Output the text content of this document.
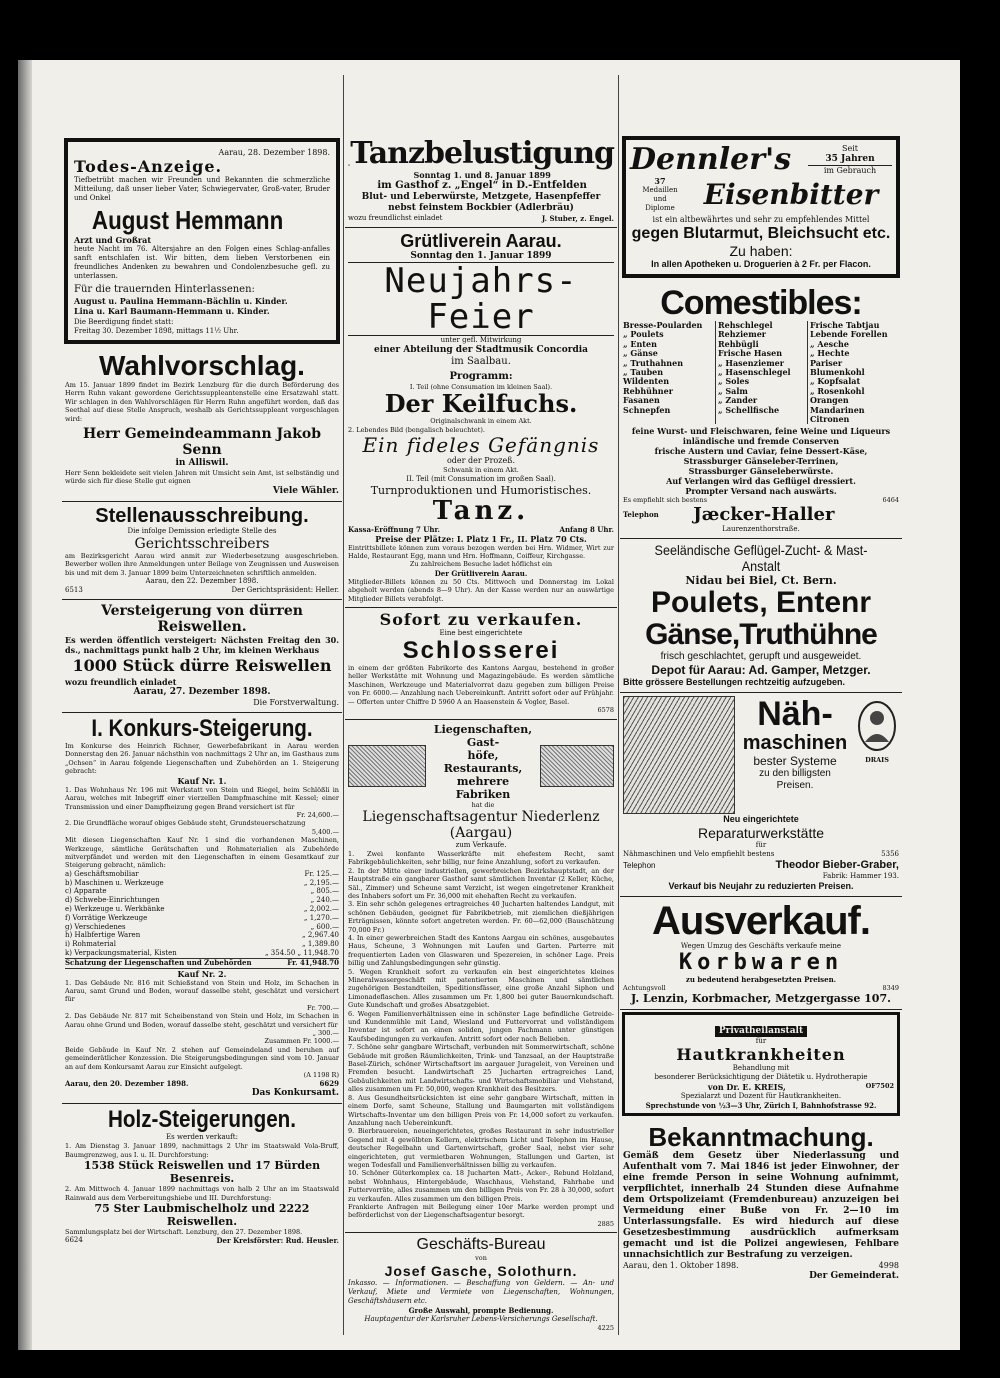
Aarau, 28. Dezember 1898.
Todes-Anzeige.
Tiefbetrübt machen wir Freunden und Bekannten die schmerzliche Mitteilung, daß unser lieber Vater, Schwiegervater, Groß-vater, Bruder und Onkel
August Hemmann
Arzt und Großrat
heute Nacht im 76. Altersjahre an den Folgen eines Schlag-anfalles sanft entschlafen ist. Wir bitten, dem lieben Verstorbenen ein freundliches Andenken zu bewahren und Condolenzbesuche gefl. zu unterlassen.
Für die trauernden Hinterlassenen:
August u. Paulina Hemmann-Bächlin u. Kinder.
Lina u. Karl Baumann-Hemmann u. Kinder.
Die Beerdigung findet statt:
Freitag 30. Dezember 1898, mittags 11½ Uhr.
Wahlvorschlag.
Am 15. Januar 1899 findet im Bezirk Lenzburg für die durch Beförderung des Herrn Ruhn vakant gewordene Gerichtssuppleantenstelle eine Ersatzwahl statt. Wir schlagen in den Wahlvorschlägen für Herrn Ruhn angeführt worden, daß das Seethal auf diese Stelle Anspruch, weshalb als Gerichtssuppleant vorgeschlagen wird:
Herr Gemeindeammann Jakob Senn
in Alliswil.
Herr Senn bekleidete seit vielen Jahren mit Umsicht sein Amt, ist selbständig und würde sich für diese Stelle gut eignen
Viele Wähler.
Stellenausschreibung.
Die infolge Demission erledigte Stelle des
Gerichtsschreibers
am Bezirksgericht Aarau wird anmit zur Wiederbesetzung ausgeschrieben. Bewerber wollen ihre Anmeldungen unter Beilage von Zeugnissen und Ausweisen bis und mit dem 3. Januar 1899 beim Unterzeichneten schriftlich anmelden.
Aarau, den 22. Dezember 1898.
6513	Der Gerichtspräsident: Heller.
Versteigerung von dürren Reiswellen.
Es werden öffentlich versteigert: Nächsten Freitag den 30. ds., nachmittags punkt halb 2 Uhr, im kleinen Werkhaus
1000 Stück dürre Reiswellen
wozu freundlich einladet
Aarau, 27. Dezember 1898.
Die Forstverwaltung.
I. Konkurs-Steigerung.
Im Konkurse des Heinrich Richner, Gewerbefabrikant in Aarau werden Donnerstag den 26. Januar nächsthin von nachmittags 2 Uhr an, im Gasthaus zum „Ochsen“ in Aarau folgende Liegenschaften und Zubehörden an 1. Steigerung gebracht:
Kauf Nr. 1.
1. Das Wohnhaus Nr. 196 mit Werkstatt von Stein und Riegel, beim Schlößli in Aarau, welches mit Inbegriff einer vierzellen Dampfmaschine mit Kessel; einer Transmission und einer Dampfheizung gegen Brand versichert ist für
Fr. 24,600.—
2. Die Grundfläche worauf obiges Gebäude steht, Grundsteuerschatzung
5,400.—
Mit diesen Liegenschaften Kauf Nr. 1 sind die vorhandenen Maschinen, Werkzeuge, sämtliche Gerätschaften und Rohmaterialien als Zubehörde mitverpfändet und werden mit den Liegenschaften in einem Gesamtkauf zur Steigerung gebracht, nämlich:
a) Geschäftsmobiliar	Fr. 125.—
b) Maschinen u. Werkzeuge	„ 2,195.—
c) Apparate	„ 805.—
d) Schwebe-Einrichtungen	„ 240.—
e) Werkzeuge u. Werkbänke	„ 2,002.—
f) Vorrätige Werkzeuge	„ 1,270.—
g) Verschiedenes	„ 600.—
h) Halbfertige Waren	„ 2,967.40
i) Rohmaterial	„ 1,389.80
k) Verpackungsmaterial, Kisten	„ 354.50 „ 11,948.70
Schatzung der Liegenschaften und Zubehörden	Fr. 41,948.70
Kauf Nr. 2.
1. Das Gebäude Nr. 816 mit Schießstand von Stein und Holz, im Schachen in Aarau, samt Grund und Boden, worauf dasselbe steht, geschätzt und versichert für
Fr. 700.—
2. Das Gebäude Nr. 817 mit Scheibenstand von Stein und Holz, im Schachen in Aarau ohne Grund und Boden, worauf dasselbe steht, geschätzt und versichert für
„ 300.—
Zusammen Fr. 1000.—
Beide Gebäude in Kauf Nr. 2 stehen auf Gemeindeland und beruhen auf gemeinderätlicher Konzession. Die Steigerungsbedingungen sind vom 10. Januar an auf dem Konkursamt Aarau zur Einsicht aufgelegt.
(A 1198 R)
Aarau, den 20. Dezember 1898.	6629
Das Konkursamt.
Holz-Steigerungen.
Es werden verkauft:
1. Am Dienstag 3. Januar 1899, nachmittags 2 Uhr im Staatswald Vola-Bruff, Baumgrenzweg, aus I. u. II. Durchforstung:
1538 Stück Reiswellen und 17 Bürden Besenreis.
2. Am Mittwoch 4. Januar 1899 nachmittags von halb 2 Uhr an im Staatswald Rainwald aus dem Verbereitungshiebe und III. Durchforstung:
75 Ster Laubmischelholz und 2222 Reiswellen.
Sammlungsplatz bei der Wirtschaft. Lenzburg, den 27. Dezember 1898.
6624	Der Kreisförster: Rud. Heusler.
Tanzbelustigung
Sonntag 1. und 8. Januar 1899
im Gasthof z. „Engel“ in D.-Entfelden
Blut- und Leberwürste, Metzgete, Hasenpfeffer
nebst feinstem Bockbier (Adlerbräu)
wozu freundlichst einladet	J. Stuber, z. Engel.
Grütliverein Aarau.
Sonntag den 1. Januar 1899
Neujahrs-Feier
unter gefl. Mitwirkung
einer Abteilung der Stadtmusik Concordia
im Saalbau.
Programm:
I. Teil (ohne Consumation im kleinen Saal).
Der Keilfuchs.
Originalschwank in einem Akt.
2. Lebendes Bild (bengalisch beleuchtet).
Ein fideles Gefängnis
oder der Prozeß.
Schwank in einem Akt.
II. Teil (mit Consumation im großen Saal).
Turnproduktionen und Humoristisches.
Tanz.
Kassa-Eröffnung 7 Uhr.	Anfang 8 Uhr.
Preise der Plätze: I. Platz 1 Fr., II. Platz 70 Cts.
Eintrittsbillete können zum voraus bezogen werden bei Hrn. Widmer, Wirt zur Halde, Restaurant Egg, mann und Hrn. Hoffmann, Coiffeur, Kirchgasse.
Zu zahlreichem Besuche ladet höflichst ein
Der Grütliverein Aarau.
Mitglieder-Billets können zu 50 Cts. Mittwoch und Donnerstag im Lokal abgeholt werden (abends 8—9 Uhr). An der Kasse werden nur an auswärtige Mitglieder Billets verabfolgt.
Sofort zu verkaufen.
Eine best eingerichtete
Schlosserei
in einem der größten Fabrikorte des Kantons Aargau, bestehend in großer heller Werkstätte mit Wohnung und Magazingebäude. Es werden sämtliche Maschinen, Werkzeuge und Materialvorrat dazu gegeben zum billigen Preise von Fr. 6000.— Anzahlung nach Uebereinkunft. Antritt sofort oder auf Frühjahr. — Offerten unter Chiffre D 5960 A an Haasenstein & Vogler, Basel.
6578
Liegenschaften, Gast-
höfe, Restaurants,
mehrere Fabriken
hat die
Liegenschaftsagentur Niederlenz (Aargau)
zum Verkaufe.
1. Zwei konfante Wasserkräfte mit ehefestem Recht, samt Fabrikgebäulichkeiten, sehr billig, nur feine Anzahlung, sofort zu verkaufen.
2. In der Mitte einer industriellen, gewerbreichen Bezirkshauptstadt, an der Hauptstraße ein gangbarer Gasthof samt sämtlichen Inventar (2 Keller, Küche, Säl., Zimmer) und Scheune samt Verzicht, ist wegen eingetretener Krankheit des Inhabers sofort um Fr. 36,000 mit ehehaften Recht zu verkaufen.
3. Ein sehr schön gelegenes ertragreiches 40 Jucharten haltendes Landgut, mit schönen Gebäuden, geeignet für Fabrikbetrieb, mit ziemlichen dießjährigen Erträgnissen, könnte sofort angetreten werden. Fr. 60—62,000 (Bauschätzung 70,000 Fr.)
4. In einer gewerbreichen Stadt des Kantons Aargau ein schönes, ausgebautes Haus, Scheune, 3 Wohnungen mit Laufen und Garten. Parterre mit frequentierten Laden von Glaswaren und Spezereien, in schöner Lage. Preis billig und Zahlungsbedingungen sehr günstig.
5. Wegen Krankheit sofort zu verkaufen ein best eingerichtetes kleines Mineralwassergeschäft mit patentierten Maschinen und sämtlichen zugehörigen Bestandteilen, Speditionsfässer, eine große Anzahl Siphon und Limonadeflaschen. Alles zusammen um Fr. 1,800 bei guter Bauernkundschaft. Gute Kundschaft und großes Absatzgebiet.
6. Wegen Familienverhältnissen eine in schönster Lage befindliche Getreide- und Kundenmühle mit Land, Wiesland und Futtervorrat und vollständigem Inventar ist sofort an einen soliden, jungen Fachmann unter günstigen Kaufsbedingungen zu verkaufen. Antritt sofort oder nach Belieben.
7. Schöne sehr gangbare Wirtschaft, verbunden mit Sommerwirtschaft, schöne Gebäude mit großen Räumlichkeiten, Trink- und Tanzsaal, an der Hauptstraße Basel-Zürich, schöner Wirtschaftsort im aargauer Jurageleit, von Vereinen und Fremden besucht. Landwirtschaft 25 Jucharten ertragreiches Land, Gebäulichkeiten mit Landwirtschafts- und Wirtschaftsmobiliar und Viehstand, alles zusammen um Fr. 50,000, wegen Krankheit des Besitzers.
8. Aus Gesundheitsrücksichten ist eine sehr gangbare Wirtschaft, mitten in einem Dorfe, samt Scheune, Stallung und Baumgarten mit vollständigem Wirtschafts-Inventar um den billigen Preis von Fr. 14,000 sofort zu verkaufen. Anzahlung nach Uebereinkunft.
9. Bierbrauereien, neueingerichtetes, großes Restaurant in sehr industrieller Gegend mit 4 gewölbten Kellern, elektrischem Licht und Telephon im Hause, deutscher Regelbahn und Gartenwirtschaft, großer Saal, nebst vier sehr eingerichteten, gut vermietbaren Wohnungen, Stallungen und Garten, ist wegen Todesfall und Familienverhältnissen billig zu verkaufen.
10. Schöner Güterkomplex ca. 18 Jucharten Matt-, Acker-, Rebund Holzland, nebst Wohnhaus, Hintergebäude, Waschhaus, Viehstand, Fahrhabe und Futtervorräte, alles zusammen um den billigen Preis von Fr. 28 à 30,000, sofort zu verkaufen. Alles zusammen um den billigen Preis.
Frankierte Anfragen mit Beilegung einer 10er Marke werden prompt und beförderlichst von der Liegenschaftsagentur besorgt.
2885
Geschäfts-Bureau
von
Josef Gasche, Solothurn.
Inkasso. — Informationen. — Beschaffung von Geldern. — An- und Verkauf, Miete und Vermiete von Liegenschaften, Wohnungen, Geschäftshäusern etc.
Große Auswahl, prompte Bedienung.
Hauptagentur der Karlsruher Lebens-Versicherungs Gesellschaft.
4225
Dennler's	Seit
35 Jahren
im Gebrauch
37
Medaillen
und
Diplome	Eisenbitter
ist ein altbewährtes und sehr zu empfehlendes Mittel
gegen Blutarmut, Bleichsucht etc.
Zu haben:
In allen Apotheken u. Droguerien à 2 Fr. per Flacon.
Comestibles:
Bresse-Poularden
„ Poulets
„ Enten
„ Gänse
„ Truthahnen
„ Tauben
Wildenten
Rebhühner
Fasanen
Schnepfen
Rehschlegel
Rehziemer
Rehbügli
Frische Hasen
„ Hasenziemer
„ Hasenschlegel
„ Soles
„ Salm
„ Zander
„ Schellfische
Frische Tabtjau
Lebende Forellen
„ Aesche
„ Hechte
Pariser Blumenkohl
„ Kopfsalat
„ Rosenkohl
Orangen
Mandarinen
Citronen
feine Wurst- und Fleischwaren, feine Weine und Liqueurs
inländische und fremde Conserven
frische Austern und Caviar, feine Dessert-Käse,
Strassburger Gänseleber-Terrinen,
Strassburger Gänseleberwürste.
Auf Verlangen wird das Geflügel dressiert.
Prompter Versand nach auswärts.
Es empfiehlt sich bestens	6464
Telephon Jæcker-Haller
Laurenzenthorstraße.
Seeländische Geflügel-Zucht- & Mast-Anstalt
Nidau bei Biel, Ct. Bern.
Poulets, Entenr
Gänse,Truthühne
frisch geschlachtet, gerupft und ausgeweidet.
Depot für Aarau: Ad. Gamper, Metzger.
Bitte grössere Bestellungen rechtzeitig aufzugeben.
Näh-
maschinen
bester Systeme
zu den billigsten
Preisen.
DRAIS
Neu eingerichtete
Reparaturwerkstätte
für
Nähmaschinen und Velo empfiehlt bestens	5356
Telephon	Theodor Bieber-Graber,
Fabrik: Hammer 193.
Verkauf bis Neujahr zu reduzierten Preisen.
Ausverkauf.
Wegen Umzug des Geschäfts verkaufe meine
Korbwaren
zu bedeutend herabgesetzten Preisen.
Achtungsvoll	8349
J. Lenzin, Korbmacher, Metzgergasse 107.
Privatheilanstalt
für
Hautkrankheiten
Behandlung mit
besonderer Berücksichtigung der Diätetik u. Hydrotherapie
von Dr. E. KREIS,	OF7502
Spezialarzt und Dozent für Hautkrankheiten.
Sprechstunde von ½3—3 Uhr, Zürich I, Bahnhofstrasse 92.
Bekanntmachung.
Gemäß dem Gesetz über Niederlassung und Aufenthalt vom 7. Mai 1846 ist jeder Einwohner, der eine fremde Person in seine Wohnung aufnimmt, verpflichtet, innerhalb 24 Stunden diese Aufnahme dem Ortspolizeiamt (Fremdenbureau) anzuzeigen bei Vermeidung einer Buße von Fr. 2—10 im Unterlassungsfalle. Es wird hiedurch auf diese Gesetzesbestimmung ausdrücklich aufmerksam gemacht und ist die Polizei angewiesen, Fehlbare unnachsichtlich zur Bestrafung zu verzeigen.
Aarau, den 1. Oktober 1898.	4998
Der Gemeinderat.
